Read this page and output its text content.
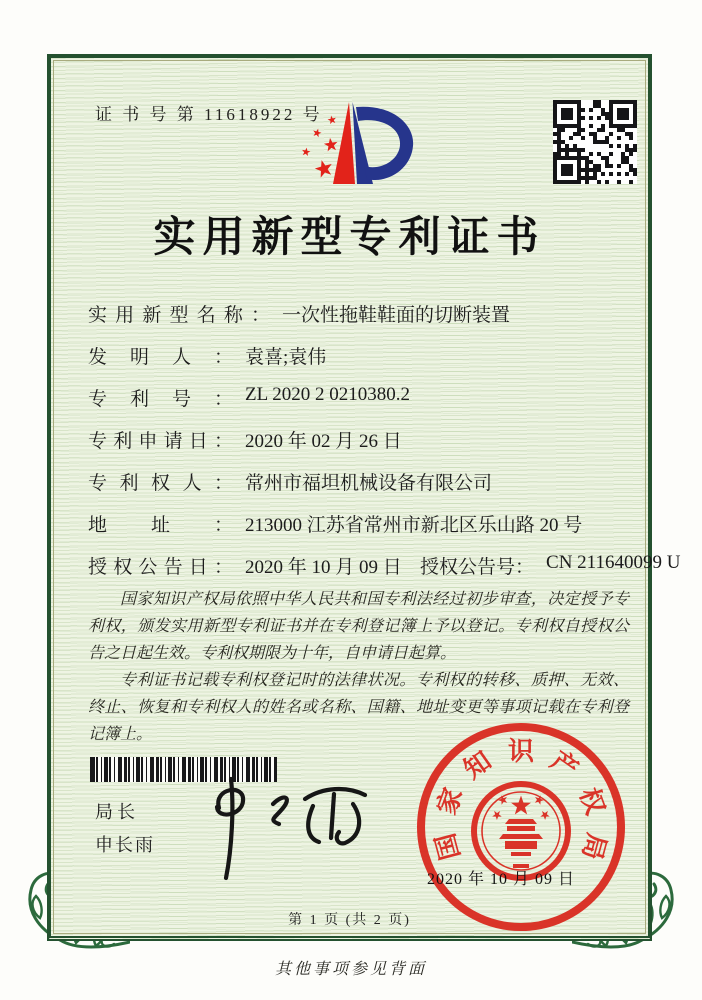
证 书 号 第 11618922 号
实用新型专利证书
实用新型名称： 一次性拖鞋鞋面的切断装置
发明人： 袁喜;袁伟
专利号： ZL 2020 2 0210380.2
专利申请日： 2020 年 02 月 26 日
专利权人： 常州市福坦机械设备有限公司
地址： 213000 江苏省常州市新北区乐山路 20 号
授权公告日： 2020 年 10 月 09 日 授权公告号： CN 211640099 U

国家知识产权局依照中华人民共和国专利法经过初步审查，决定授予专利权，颁发实用新型专利证书并在专利登记簿上予以登记。专利权自授权公告之日起生效。专利权期限为十年，自申请日起算。

专利证书记载专利权登记时的法律状况。专利权的转移、质押、无效、终止、恢复和专利权人的姓名或名称、国籍、地址变更等事项记载在专利登记簿上。

局长
申长雨	国
家
知 识 产
权
局
2020 年 10 月 09 日
第 1 页 (共 2 页)
其他事项参见背面
